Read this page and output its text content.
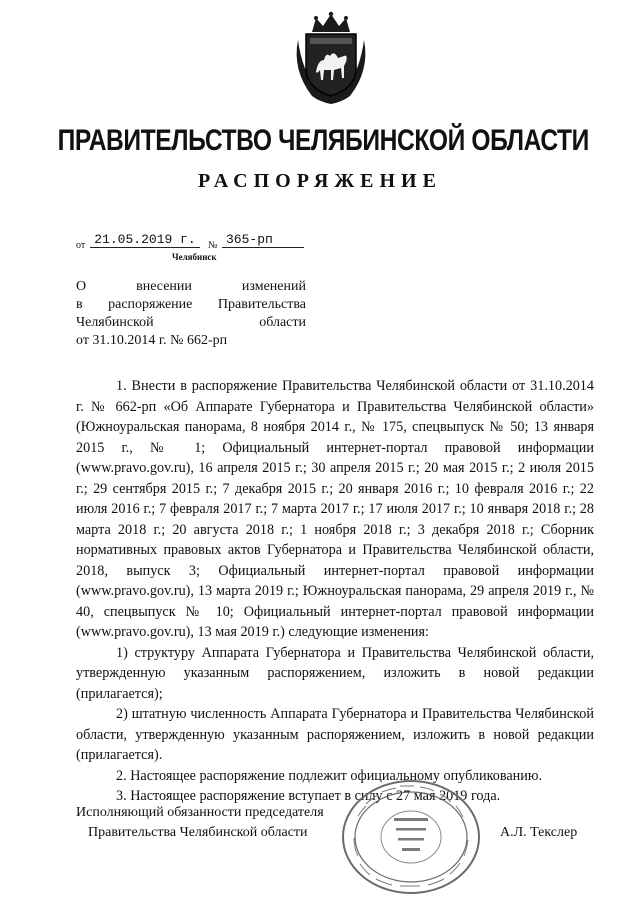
ПРАВИТЕЛЬСТВО ЧЕЛЯБИНСКОЙ ОБЛАСТИ
РАСПОРЯЖЕНИЕ
от 21.05.2019 г.	№ 365-рп
Челябинск
О внесении изменений
в распоряжение Правительства
Челябинской области
от 31.10.2014 г. № 662-рп

1. Внести в распоряжение Правительства Челябинской области от 31.10.2014 г. № 662-рп «Об Аппарате Губернатора и Правительства Челябинской области» (Южноуральская панорама, 8 ноября 2014 г., № 175, спецвыпуск № 50; 13 января 2015 г., № 1; Официальный интернет-портал правовой информации (www.pravo.gov.ru), 16 апреля 2015 г.; 30 апреля 2015 г.; 20 мая 2015 г.; 2 июля 2015 г.; 29 сентября 2015 г.; 7 декабря 2015 г.; 20 января 2016 г.; 10 февраля 2016 г.; 22 июля 2016 г.; 7 февраля 2017 г.; 7 марта 2017 г.; 17 июля 2017 г.; 10 января 2018 г.; 28 марта 2018 г.; 20 августа 2018 г.; 1 ноября 2018 г.; 3 декабря 2018 г.; Сборник нормативных правовых актов Губернатора и Правительства Челябинской области, 2018, выпуск 3; Официальный интернет-портал правовой информации (www.pravo.gov.ru), 13 марта 2019 г.; Южноуральская панорама, 29 апреля 2019 г., № 40, спецвыпуск № 10; Официальный интернет-портал правовой информации (www.pravo.gov.ru), 13 мая 2019 г.) следующие изменения:

1) структуру Аппарата Губернатора и Правительства Челябинской области, утвержденную указанным распоряжением, изложить в новой редакции (прилагается);

2) штатную численность Аппарата Губернатора и Правительства Челябинской области, утвержденную указанным распоряжением, изложить в новой редакции (прилагается).

2. Настоящее распоряжение подлежит официальному опубликованию.

3. Настоящее распоряжение вступает в силу с 27 мая 2019 года.

Исполняющий обязанности председателя
Правительства Челябинской области	А.Л. Текслер
